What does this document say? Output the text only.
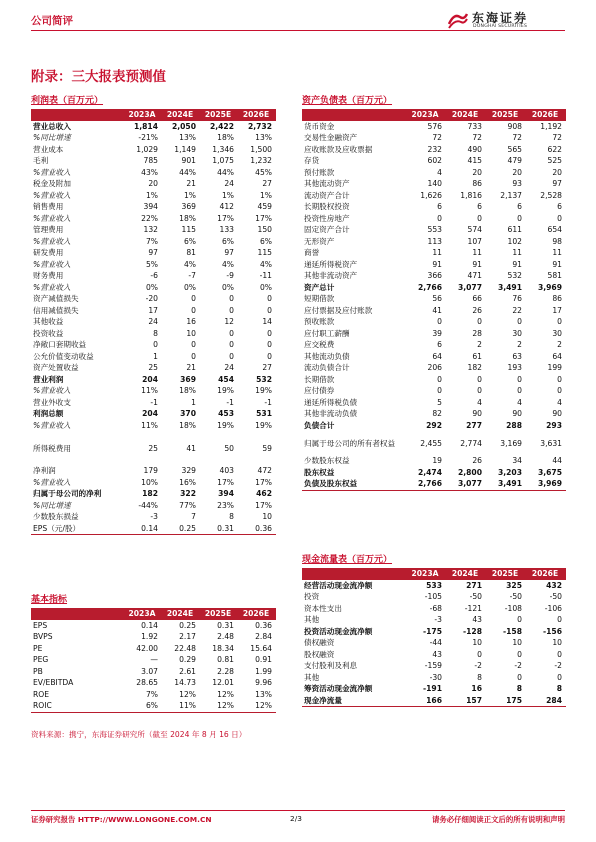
公司简评	东海证券
DONGHAI SECURITIES
附录：三大报表预测值
利润表（百万元）
	2023A	2024E	2025E	2026E
营业总收入	1,814	2,050	2,422	2,732
%同比增速	-21%	13%	18%	13%
营业成本	1,029	1,149	1,346	1,500
毛利	785	901	1,075	1,232
%营业收入	43%	44%	44%	45%
税金及附加	20	21	24	27
%营业收入	1%	1%	1%	1%
销售费用	394	369	412	459
%营业收入	22%	18%	17%	17%
管理费用	132	115	133	150
%营业收入	7%	6%	6%	6%
研发费用	97	81	97	115
%营业收入	5%	4%	4%	4%
财务费用	-6	-7	-9	-11
%营业收入	0%	0%	0%	0%
资产减值损失	-20	0	0	0
信用减值损失	17	0	0	0
其他收益	24	16	12	14
投资收益	8	10	0	0
净敞口套期收益	0	0	0	0
公允价值变动收益	1	0	0	0
资产处置收益	25	21	24	27
营业利润	204	369	454	532
%营业收入	11%	18%	19%	19%
营业外收支	-1	1	-1	-1
利润总额	204	370	453	531
%营业收入	11%	18%	19%	19%
所得税费用	25	41	50	59
净利润	179	329	403	472
%营业收入	10%	16%	17%	17%
归属于母公司的净利	182	322	394	462
%同比增速	-44%	77%	23%	17%
少数股东损益	-3	7	8	10
EPS（元/股）	0.14	0.25	0.31	0.36
基本指标
	2023A	2024E	2025E	2026E
EPS	0.14	0.25	0.31	0.36
BVPS	1.92	2.17	2.48	2.84
PE	42.00	22.48	18.34	15.64
PEG	—	0.29	0.81	0.91
PB	3.07	2.61	2.28	1.99
EV/EBITDA	28.65	14.73	12.01	9.96
ROE	7%	12%	12%	13%
ROIC	6%	11%	12%	12%
资产负债表（百万元）
	2023A	2024E	2025E	2026E
货币资金	576	733	908	1,192
交易性金融资产	72	72	72	72
应收账款及应收票据	232	490	565	622
存货	602	415	479	525
预付账款	4	20	20	20
其他流动资产	140	86	93	97
流动资产合计	1,626	1,816	2,137	2,528
长期股权投资	6	6	6	6
投资性房地产	0	0	0	0
固定资产合计	553	574	611	654
无形资产	113	107	102	98
商誉	11	11	11	11
递延所得税资产	91	91	91	91
其他非流动资产	366	471	532	581
资产总计	2,766	3,077	3,491	3,969
短期借款	56	66	76	86
应付票据及应付账款	41	26	22	17
预收账款	0	0	0	0
应付职工薪酬	39	28	30	30
应交税费	6	2	2	2
其他流动负债	64	61	63	64
流动负债合计	206	182	193	199
长期借款	0	0	0	0
应付债券	0	0	0	0
递延所得税负债	5	4	4	4
其他非流动负债	82	90	90	90
负债合计	292	277	288	293
归属于母公司的所有者权益	2,455	2,774	3,169	3,631
少数股东权益	19	26	34	44
股东权益	2,474	2,800	3,203	3,675
负债及股东权益	2,766	3,077	3,491	3,969
现金流量表（百万元）
	2023A	2024E	2025E	2026E
经营活动现金流净额	533	271	325	432
投资	-105	-50	-50	-50
资本性支出	-68	-121	-108	-106
其他	-3	43	0	0
投资活动现金流净额	-175	-128	-158	-156
债权融资	-44	10	10	10
股权融资	43	0	0	0
支付股利及利息	-159	-2	-2	-2
其他	-30	8	0	0
筹资活动现金流净额	-191	16	8	8
现金净流量	166	157	175	284
资料来源：携宁，东海证券研究所（截至 2024 年 8 月 16 日）
证券研究报告 HTTP://WWW.LONGONE.COM.CN	2/3	请务必仔细阅读正文后的所有说明和声明
